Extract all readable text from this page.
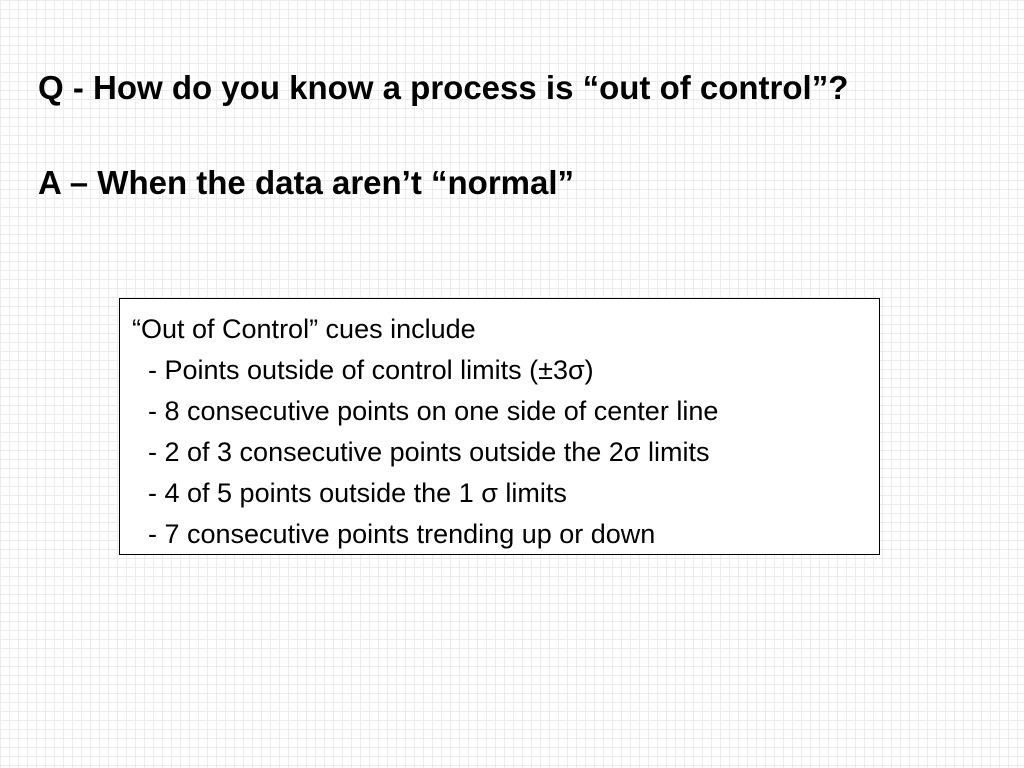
Q - How do you know a process is “out of control”?

A – When the data aren’t “normal”

“Out of Control” cues include

- Points outside of control limits (±3σ)
- 8 consecutive points on one side of center line
- 2 of 3 consecutive points outside the 2σ limits
- 4 of 5 points outside the 1 σ limits
- 7 consecutive points trending up or down
